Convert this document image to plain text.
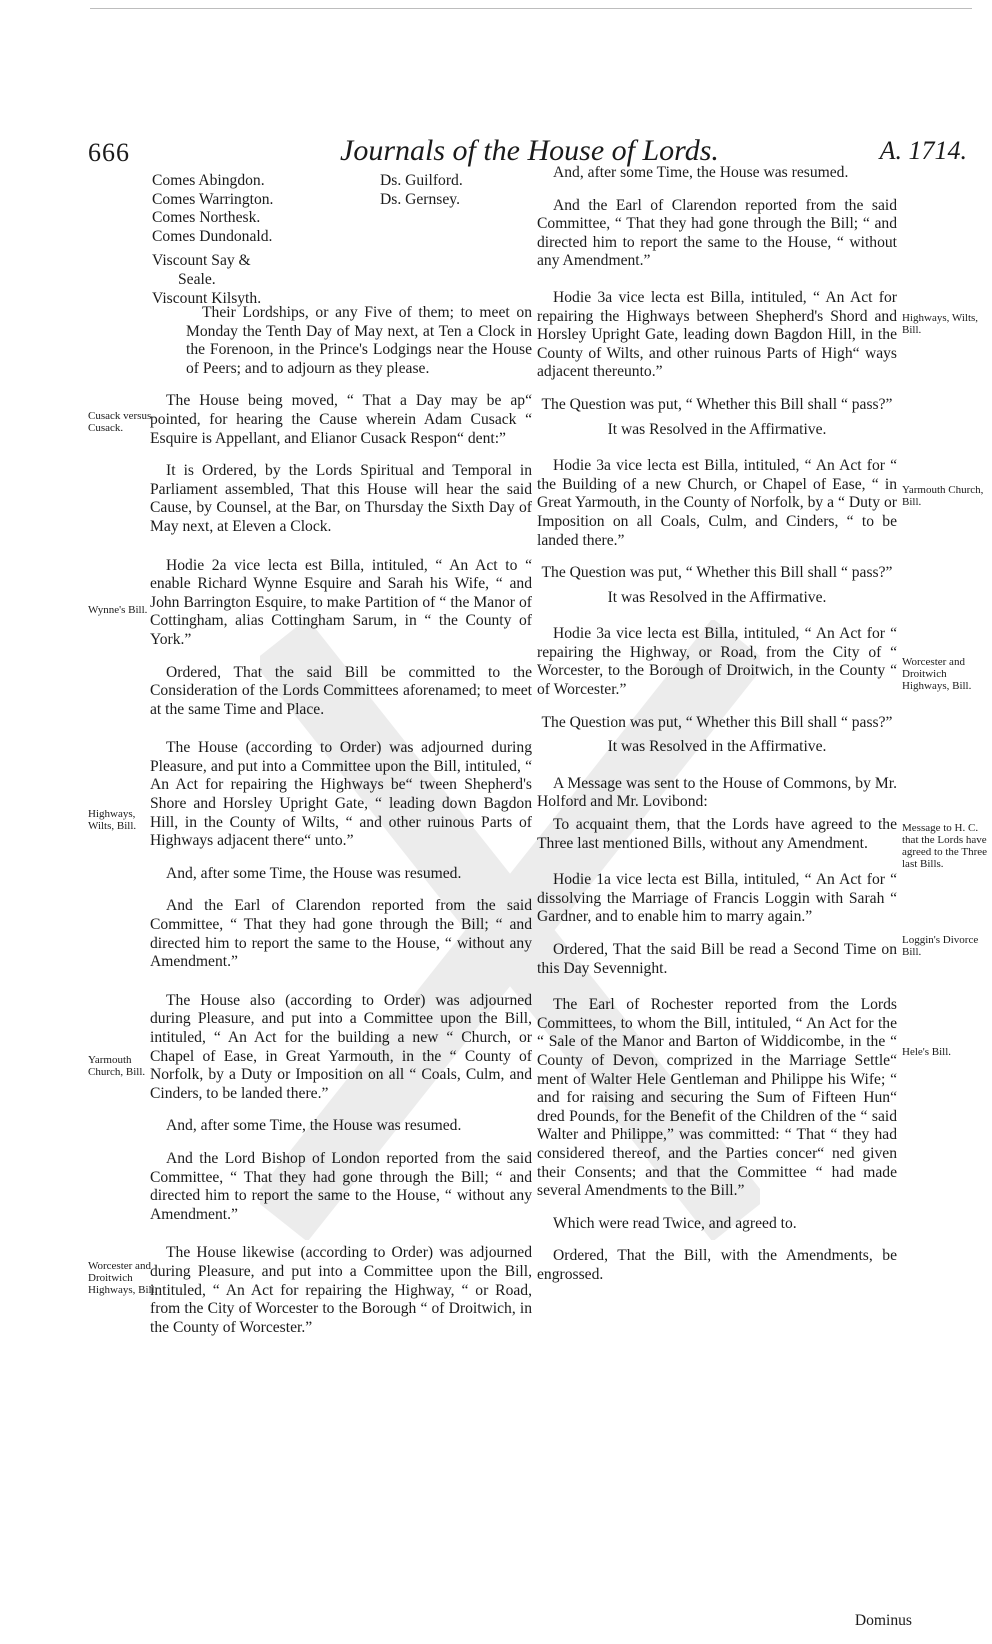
666	Journals of the House of Lords.	A. 1714.
Comes Abingdon.
Comes Warrington.
Comes Northesk.
Comes Dundonald.
Viscount Say &
Seale.
Viscount Kilsyth.
Ds. Guilford.
Ds. Gernsey.

Their Lordships, or any Five of them; to meet on Monday the Tenth Day of May next, at Ten a Clock in the Forenoon, in the Prince's Lodgings near the House of Peers; and to adjourn as they please.

The House being moved, “ That a Day may be ap“ pointed, for hearing the Cause wherein Adam Cusack “ Esquire is Appellant, and Elianor Cusack Respon“ dent:”

It is Ordered, by the Lords Spiritual and Temporal in Parliament assembled, That this House will hear the said Cause, by Counsel, at the Bar, on Thursday the Sixth Day of May next, at Eleven a Clock.

Hodie 2a vice lecta est Billa, intituled, “ An Act to “ enable Richard Wynne Esquire and Sarah his Wife, “ and John Barrington Esquire, to make Partition of “ the Manor of Cottingham, alias Cottingham Sarum, in “ the County of York.”

Ordered, That the said Bill be committed to the Consideration of the Lords Committees aforenamed; to meet at the same Time and Place.

The House (according to Order) was adjourned during Pleasure, and put into a Committee upon the Bill, intituled, “ An Act for repairing the Highways be“ tween Shepherd's Shore and Horsley Upright Gate, “ leading down Bagdon Hill, in the County of Wilts, “ and other ruinous Parts of Highways adjacent there“ unto.”

And, after some Time, the House was resumed.

And the Earl of Clarendon reported from the said Committee, “ That they had gone through the Bill; “ and directed him to report the same to the House, “ without any Amendment.”

The House also (according to Order) was adjourned during Pleasure, and put into a Committee upon the Bill, intituled, “ An Act for the building a new “ Church, or Chapel of Ease, in Great Yarmouth, in the “ County of Norfolk, by a Duty or Imposition on all “ Coals, Culm, and Cinders, to be landed there.”

And, after some Time, the House was resumed.

And the Lord Bishop of London reported from the said Committee, “ That they had gone through the Bill; “ and directed him to report the same to the House, “ without any Amendment.”

The House likewise (according to Order) was adjourned during Pleasure, and put into a Committee upon the Bill, intituled, “ An Act for repairing the Highway, “ or Road, from the City of Worcester to the Borough “ of Droitwich, in the County of Worcester.”

And, after some Time, the House was resumed.

And the Earl of Clarendon reported from the said Committee, “ That they had gone through the Bill; “ and directed him to report the same to the House, “ without any Amendment.”

Hodie 3a vice lecta est Billa, intituled, “ An Act for repairing the Highways between Shepherd's Shord and Horsley Upright Gate, leading down Bagdon Hill, in the County of Wilts, and other ruinous Parts of High“ ways adjacent thereunto.”

The Question was put, “ Whether this Bill shall “ pass?”

It was Resolved in the Affirmative.

Hodie 3a vice lecta est Billa, intituled, “ An Act for “ the Building of a new Church, or Chapel of Ease, “ in Great Yarmouth, in the County of Norfolk, by a “ Duty or Imposition on all Coals, Culm, and Cinders, “ to be landed there.”

The Question was put, “ Whether this Bill shall “ pass?”

It was Resolved in the Affirmative.

Hodie 3a vice lecta est Billa, intituled, “ An Act for “ repairing the Highway, or Road, from the City of “ Worcester, to the Borough of Droitwich, in the County “ of Worcester.”

The Question was put, “ Whether this Bill shall “ pass?”

It was Resolved in the Affirmative.

A Message was sent to the House of Commons, by Mr. Holford and Mr. Lovibond:

To acquaint them, that the Lords have agreed to the Three last mentioned Bills, without any Amendment.

Hodie 1a vice lecta est Billa, intituled, “ An Act for “ dissolving the Marriage of Francis Loggin with Sarah “ Gardner, and to enable him to marry again.”

Ordered, That the said Bill be read a Second Time on this Day Sevennight.

The Earl of Rochester reported from the Lords Committees, to whom the Bill, intituled, “ An Act for the “ Sale of the Manor and Barton of Widdicombe, in the “ County of Devon, comprized in the Marriage Settle“ ment of Walter Hele Gentleman and Philippe his Wife; “ and for raising and securing the Sum of Fifteen Hun“ dred Pounds, for the Benefit of the Children of the “ said Walter and Philippe,” was committed: “ That “ they had considered thereof, and the Parties concer“ ned given their Consents; and that the Committee “ had made several Amendments to the Bill.”

Which were read Twice, and agreed to.

Ordered, That the Bill, with the Amendments, be engrossed.

Cusack versus Cusack.
Wynne's Bill.
Highways, Wilts, Bill.
Yarmouth Church, Bill.
Worcester and Droitwich Highways, Bill.
Highways, Wilts, Bill.
Yarmouth Church, Bill.
Worcester and Droitwich Highways, Bill.
Message to H. C. that the Lords have agreed to the Three last Bills.
Loggin's Divorce Bill.
Hele's Bill.
Dominus
